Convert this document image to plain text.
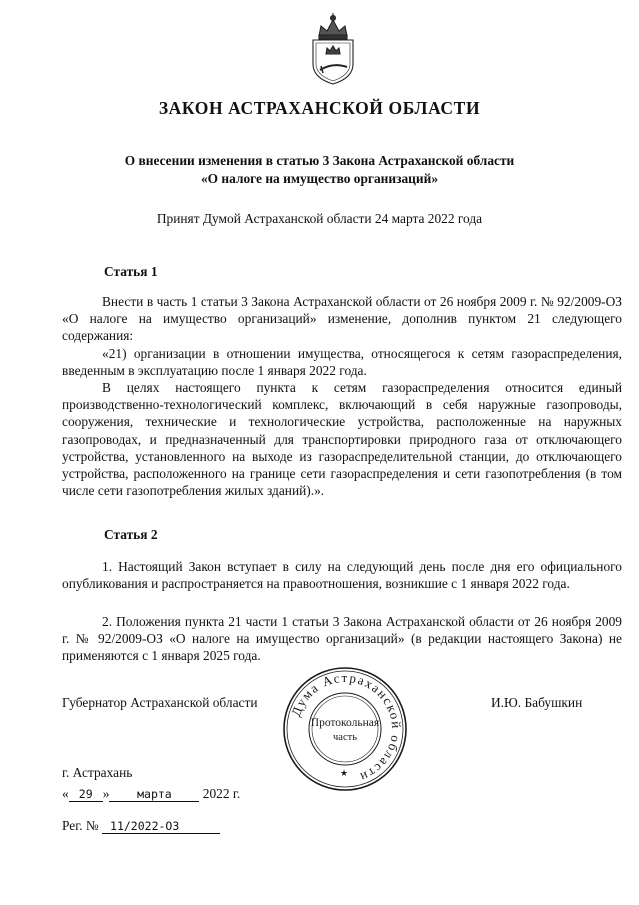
ЗАКОН АСТРАХАНСКОЙ ОБЛАСТИ
О внесении изменения в статью 3 Закона Астраханской области
«О налоге на имущество организаций»
Принят Думой Астраханской области 24 марта 2022 года
Статья 1

Внести в часть 1 статьи 3 Закона Астраханской области от 26 ноября 2009 г. № 92/2009-ОЗ «О налоге на имущество организаций» изменение, дополнив пунктом 21 следующего содержания:

«21) организации в отношении имущества, относящегося к сетям газораспределения, введенным в эксплуатацию после 1 января 2022 года.

В целях настоящего пункта к сетям газораспределения относится единый производственно-технологический комплекс, включающий в себя наружные газопроводы, сооружения, технические и технологические устройства, расположенные на наружных газопроводах, и предназначенный для транспортировки природного газа от отключающего устройства, установленного на выходе из газораспределительной станции, до отключающего устройства, расположенного на границе сети газораспределения и сети газопотребления (в том числе сети газопотребления жилых зданий).».

Статья 2

1. Настоящий Закон вступает в силу на следующий день после дня его официального опубликования и распространяется на правоотношения, возникшие с 1 января 2022 года.

2. Положения пункта 21 части 1 статьи 3 Закона Астраханской области от 26 ноября 2009 г. № 92/2009-ОЗ «О налоге на имущество организаций» (в редакции настоящего Закона) не применяются с 1 января 2025 года.

Губернатор Астраханской области	И.Ю. Бабушкин
г. Астрахань
« 29 » марта 2022 г.
Рег. № 11/2022-ОЗ
Дума Астраханской области
Протокольная
часть
★
